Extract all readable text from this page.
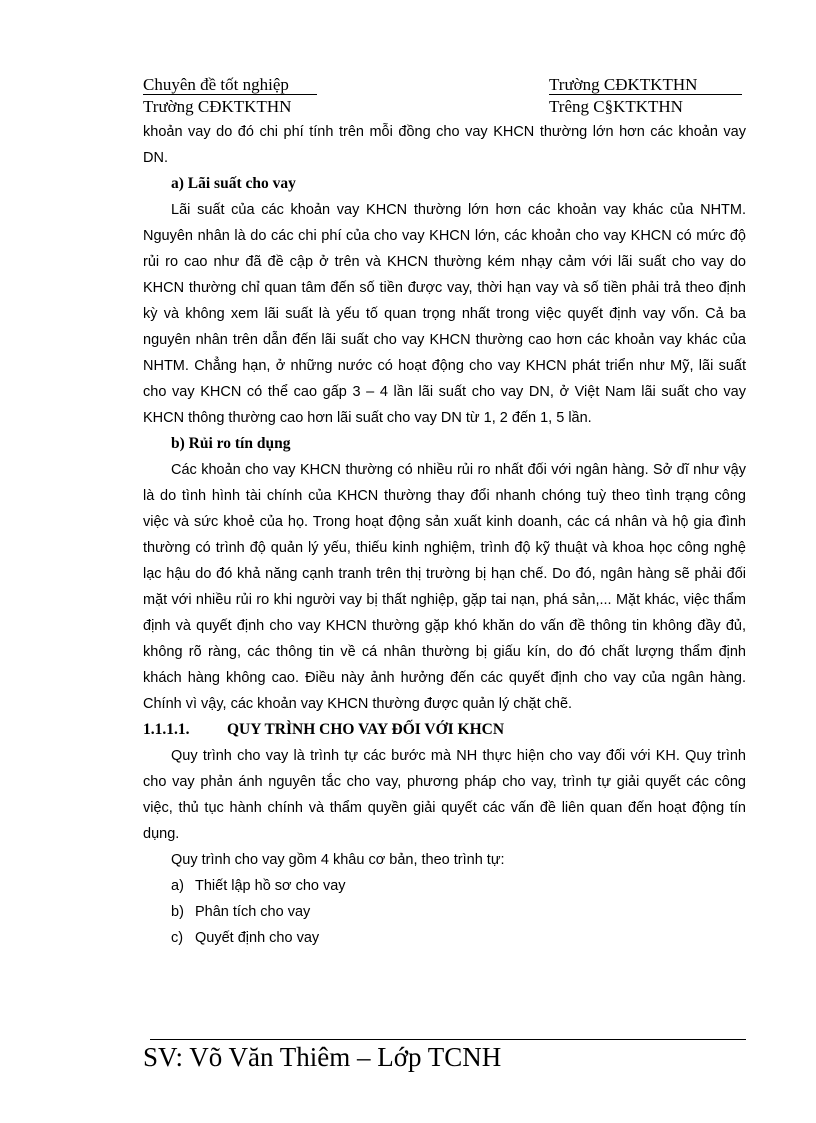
Chuyên đề tốt nghiệp	Trường CĐKTKTHN
Trường CĐKTKTHN	Trêng C§KTKTHN

khoản vay do đó chi phí tính trên mỗi đồng cho vay KHCN thường lớn hơn các khoản vay DN.

a) Lãi suất cho vay

Lãi suất của các khoản vay KHCN thường lớn hơn các khoản vay khác của NHTM. Nguyên nhân là do các chi phí của cho vay KHCN lớn, các khoản cho vay KHCN có mức độ rủi ro cao như đã đề cập ở trên và KHCN thường kém nhạy cảm với lãi suất cho vay do KHCN thường chỉ quan tâm đến số tiền được vay, thời hạn vay và số tiền phải trả theo định kỳ và không xem lãi suất là yếu tố quan trọng nhất trong việc quyết định vay vốn. Cả ba nguyên nhân trên dẫn đến lãi suất cho vay KHCN thường cao hơn các khoản vay khác của NHTM. Chẳng hạn, ở những nước có hoạt động cho vay KHCN phát triển như Mỹ, lãi suất cho vay KHCN có thể cao gấp 3 – 4 lần lãi suất cho vay DN, ở Việt Nam lãi suất cho vay KHCN thông thường cao hơn lãi suất cho vay DN từ 1, 2 đến 1, 5 lần.

b) Rủi ro tín dụng

Các khoản cho vay KHCN thường có nhiều rủi ro nhất đối với ngân hàng. Sở dĩ như vậy là do tình hình tài chính của KHCN thường thay đổi nhanh chóng tuỳ theo tình trạng công việc và sức khoẻ của họ. Trong hoạt động sản xuất kinh doanh, các cá nhân và hộ gia đình thường có trình độ quản lý yếu, thiếu kinh nghiệm, trình độ kỹ thuật và khoa học công nghệ lạc hậu do đó khả năng cạnh tranh trên thị trường bị hạn chế. Do đó, ngân hàng sẽ phải đối mặt với nhiều rủi ro khi người vay bị thất nghiệp, gặp tai nạn, phá sản,... Mặt khác, việc thẩm định và quyết định cho vay KHCN thường gặp khó khăn do vấn đề thông tin không đầy đủ, không rõ ràng, các thông tin về cá nhân thường bị giấu kín, do đó chất lượng thẩm định khách hàng không cao. Điều này ảnh hưởng đến các quyết định cho vay của ngân hàng. Chính vì vậy, các khoản vay KHCN thường được quản lý chặt chẽ.

1.1.1.1. QUY TRÌNH CHO VAY ĐỐI VỚI KHCN

Quy trình cho vay là trình tự các bước mà NH thực hiện cho vay đối với KH. Quy trình cho vay phản ánh nguyên tắc cho vay, phương pháp cho vay, trình tự giải quyết các công việc, thủ tục hành chính và thẩm quyền giải quyết các vấn đề liên quan đến hoạt động tín dụng.

Quy trình cho vay gồm 4 khâu cơ bản, theo trình tự:

a) Thiết lập hồ sơ cho vay

b) Phân tích cho vay

c) Quyết định cho vay

SV: Võ Văn Thiêm – Lớp TCNH
